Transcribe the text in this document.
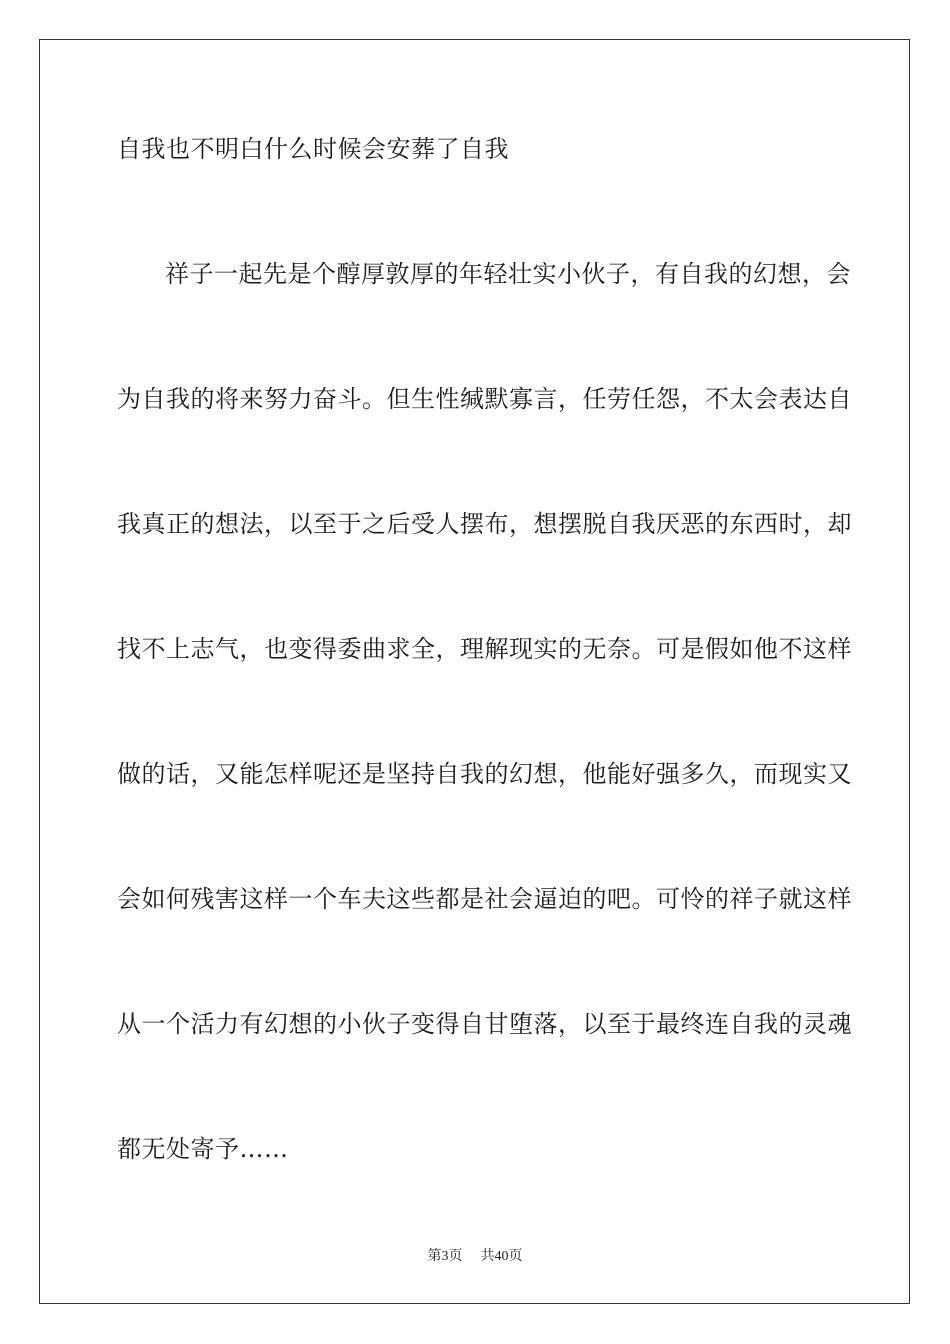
自我也不明白什么时候会安葬了自我
祥子一起先是个醇厚敦厚的年轻壮实小伙子，有自我的幻想，会
为自我的将来努力奋斗。但生性缄默寡言，任劳任怨，不太会表达自
我真正的想法，以至于之后受人摆布，想摆脱自我厌恶的东西时，却
找不上志气，也变得委曲求全，理解现实的无奈。可是假如他不这样
做的话，又能怎样呢还是坚持自我的幻想，他能好强多久，而现实又
会如何残害这样一个车夫这些都是社会逼迫的吧。可怜的祥子就这样
从一个活力有幻想的小伙子变得自甘堕落，以至于最终连自我的灵魂
都无处寄予……
第3页 共40页
